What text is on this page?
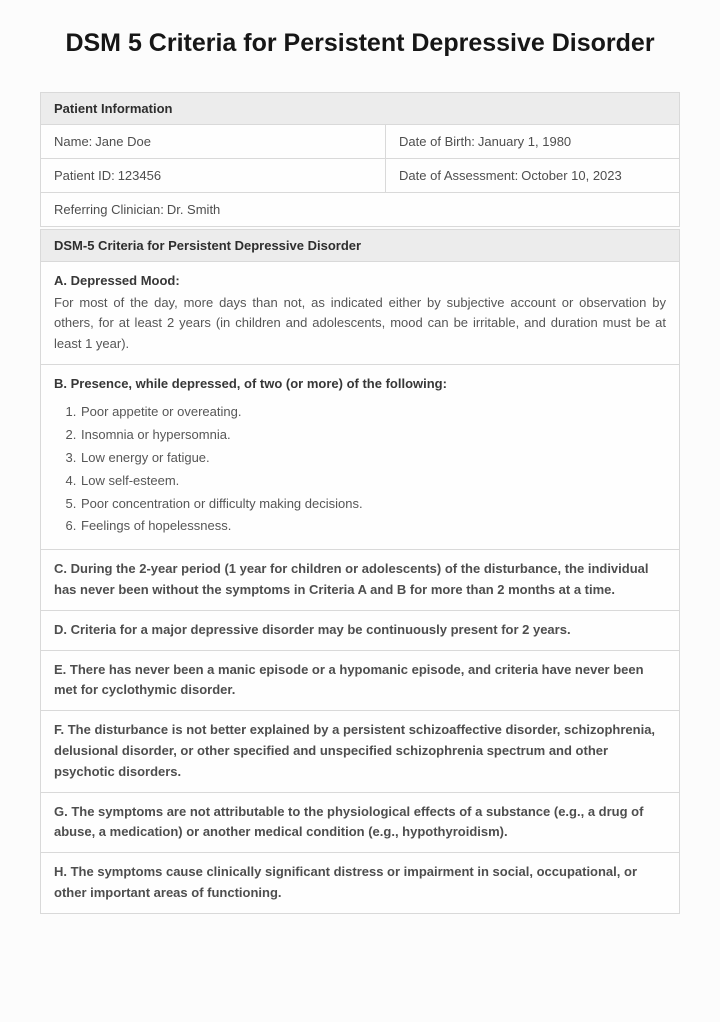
DSM 5 Criteria for Persistent Depressive Disorder
Patient Information	
Name: Jane Doe	Date of Birth: January 1, 1980
Patient ID: 123456	Date of Assessment: October 10, 2023
Referring Clinician: Dr. Smith	
DSM-5 Criteria for Persistent Depressive Disorder

A. Depressed Mood:

For most of the day, more days than not, as indicated either by subjective account or observation by others, for at least 2 years (in children and adolescents, mood can be irritable, and duration must be at least 1 year).

B. Presence, while depressed, of two (or more) of the following:

1. Poor appetite or overeating.
2. Insomnia or hypersomnia.
3. Low energy or fatigue.
4. Low self-esteem.
5. Poor concentration or difficulty making decisions.
6. Feelings of hopelessness.

C. During the 2-year period (1 year for children or adolescents) of the disturbance, the individual has never been without the symptoms in Criteria A and B for more than 2 months at a time.
D. Criteria for a major depressive disorder may be continuously present for 2 years.
E. There has never been a manic episode or a hypomanic episode, and criteria have never been met for cyclothymic disorder.
F. The disturbance is not better explained by a persistent schizoaffective disorder, schizophrenia, delusional disorder, or other specified and unspecified schizophrenia spectrum and other psychotic disorders.
G. The symptoms are not attributable to the physiological effects of a substance (e.g., a drug of abuse, a medication) or another medical condition (e.g., hypothyroidism).
H. The symptoms cause clinically significant distress or impairment in social, occupational, or other important areas of functioning.
